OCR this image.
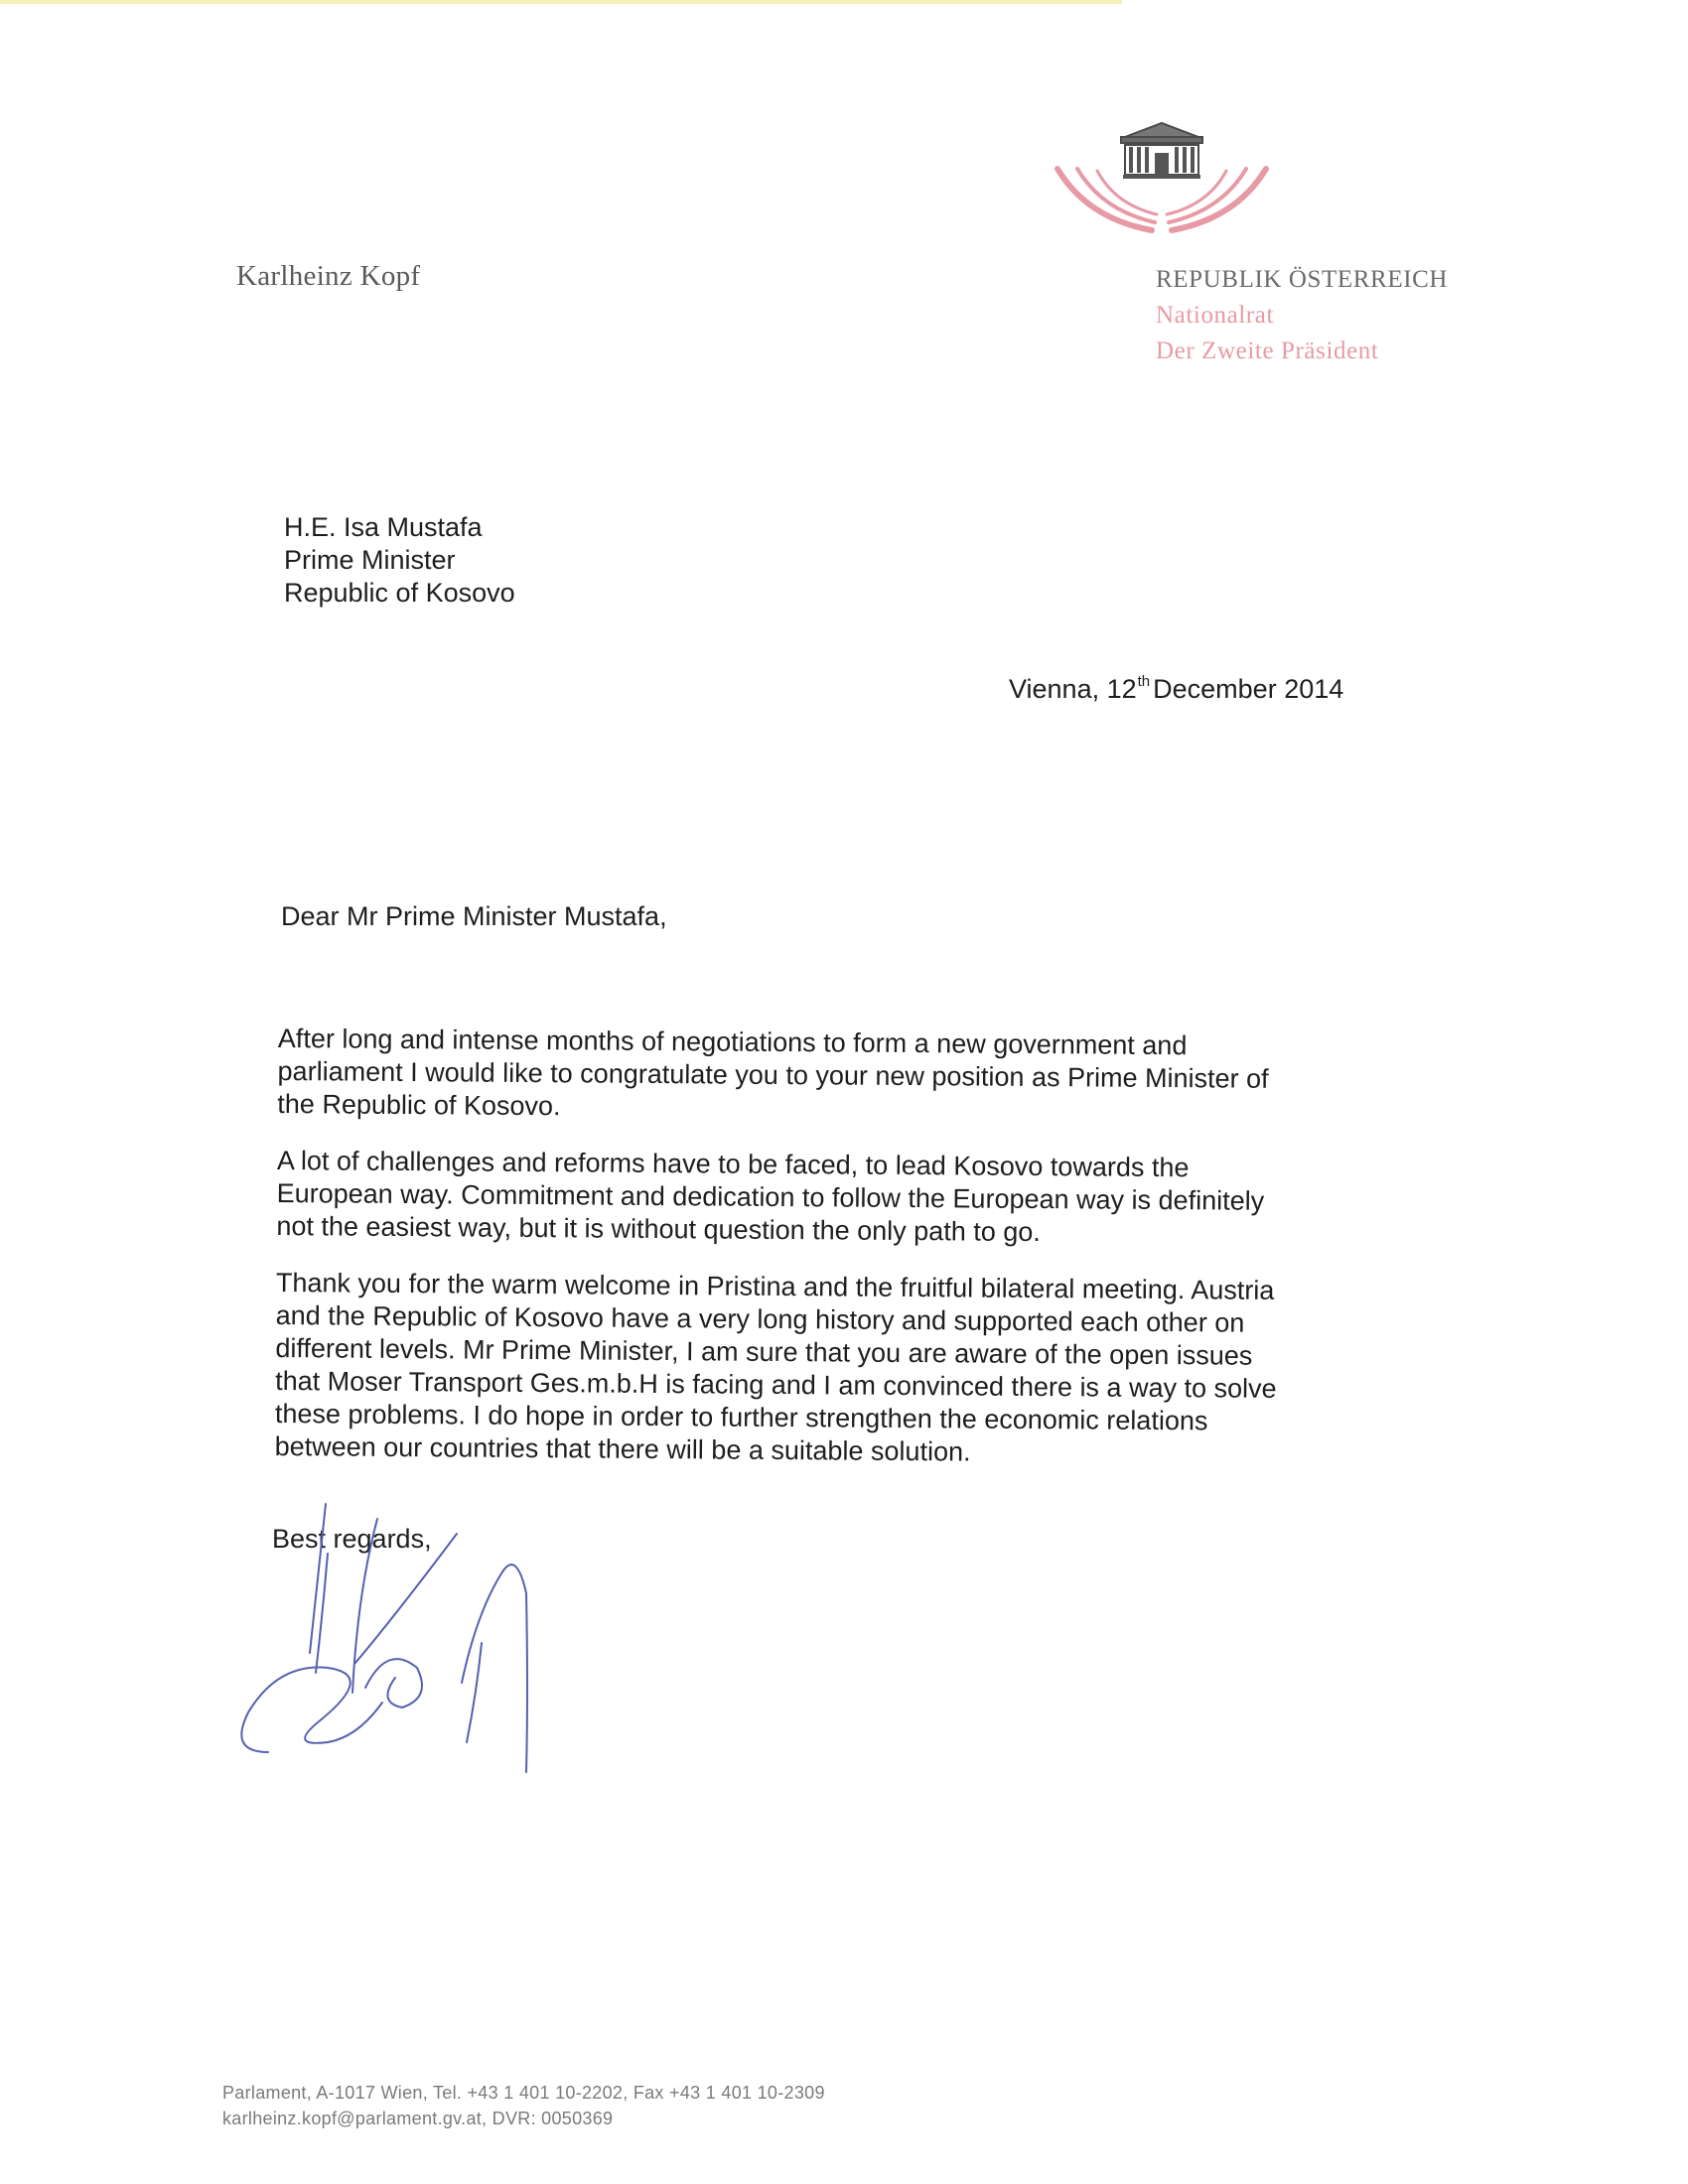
Karlheinz Kopf	REPUBLIK ÖSTERREICH
Nationalrat
Der Zweite Präsident
H.E. Isa Mustafa
Prime Minister
Republic of Kosovo
Vienna, 12th December 2014
Dear Mr Prime Minister Mustafa,

After long and intense months of negotiations to form a new government and
parliament I would like to congratulate you to your new position as Prime Minister of
the Republic of Kosovo.

A lot of challenges and reforms have to be faced, to lead Kosovo towards the
European way. Commitment and dedication to follow the European way is definitely
not the easiest way, but it is without question the only path to go.

Thank you for the warm welcome in Pristina and the fruitful bilateral meeting. Austria
and the Republic of Kosovo have a very long history and supported each other on
different levels. Mr Prime Minister, I am sure that you are aware of the open issues
that Moser Transport Ges.m.b.H is facing and I am convinced there is a way to solve
these problems. I do hope in order to further strengthen the economic relations
between our countries that there will be a suitable solution.

Best regards,
Parlament, A-1017 Wien, Tel. +43 1 401 10-2202, Fax +43 1 401 10-2309
karlheinz.kopf@parlament.gv.at, DVR: 0050369
